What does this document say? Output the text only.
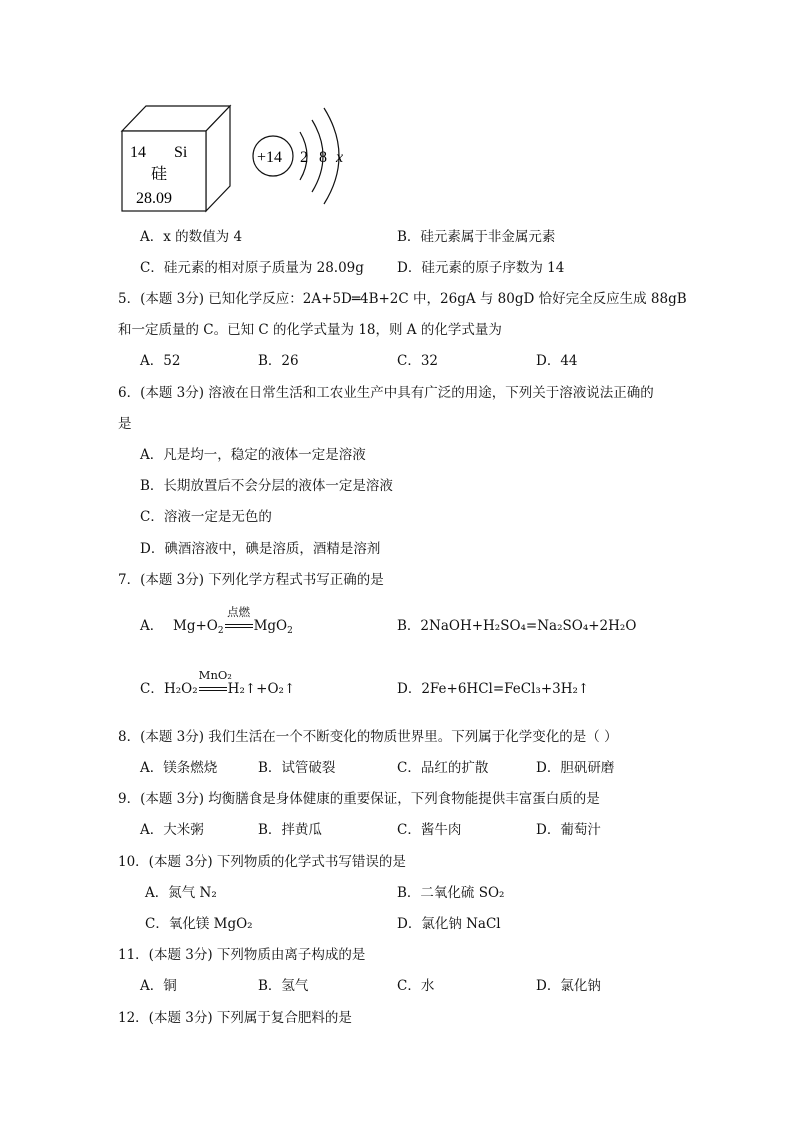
14 Si
硅
28.09
+14 2 8 x
A．x 的数值为 4	B．硅元素属于非金属元素
C．硅元素的相对原子质量为 28.09g D．硅元素的原子序数为 14
5．(本题 3分) 已知化学反应：2A+5D═4B+2C 中，26gA 与 80gD 恰好完全反应生成 88gB
和一定质量的 C。已知 C 的化学式量为 18，则 A 的化学式量为
A．52	B．26	C．32	D．44
6．(本题 3分) 溶液在日常生活和工农业生产中具有广泛的用途，下列关于溶液说法正确的
是
A．凡是均一，稳定的液体一定是溶液
B．长期放置后不会分层的液体一定是溶液
C．溶液一定是无色的
D．碘酒溶液中，碘是溶质，酒精是溶剂
7．(本题 3分) 下列化学方程式书写正确的是
A． $Mg+O_2$
点燃
MgO$_2$	B．2NaOH+H₂SO₄=Na₂SO₄+2H₂O
C． H₂O₂
MnO₂
H₂↑+O₂↑	D．2Fe+6HCl=FeCl₃+3H₂↑
8．(本题 3分) 我们生活在一个不断变化的物质世界里。下列属于化学变化的是（ ）
A．镁条燃烧	B．试管破裂	C．品红的扩散	D．胆矾研磨
9．(本题 3分) 均衡膳食是身体健康的重要保证，下列食物能提供丰富蛋白质的是
A．大米粥	B．拌黄瓜	C．酱牛肉	D．葡萄汁
10．(本题 3分) 下列物质的化学式书写错误的是
A．氮气 N₂	B．二氧化硫 SO₂
C．氧化镁 MgO₂	D．氯化钠 NaCl
11．(本题 3分) 下列物质由离子构成的是
A．铜	B．氢气	C．水	D．氯化钠
12．(本题 3分) 下列属于复合肥料的是
